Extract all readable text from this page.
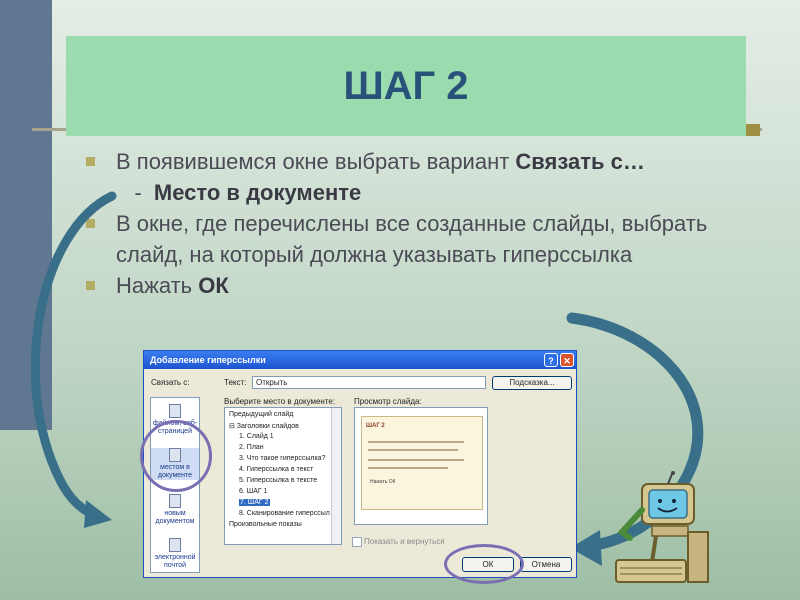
ШАГ 2
В появившемся окне выбрать вариант Связать с…   -  Место в документе
В окне, где перечислены все созданные слайды, выбрать слайд, на который должна указывать гиперссылка
Нажать ОК
Добавление гиперссылки	?	✕
Связать с:	Текст:	Открыть	Подсказка...
файлом, веб-страницей
местом в документе
новым документом
электронной почтой
Выберите место в документе:
Предыдущий слайд
⊟ Заголовки слайдов
1. Слайд 1
2. План
3. Что такое гиперссылка?
4. Гиперссылка в текст
5. Гиперссылка в тексте
6. ШАГ 1
7. ШАГ 2
8. Сканирование гиперссыл
Произвольные показы
Просмотр слайда:
ШАГ 2
Нажать ОК
Показать и вернуться
ОК	Отмена
